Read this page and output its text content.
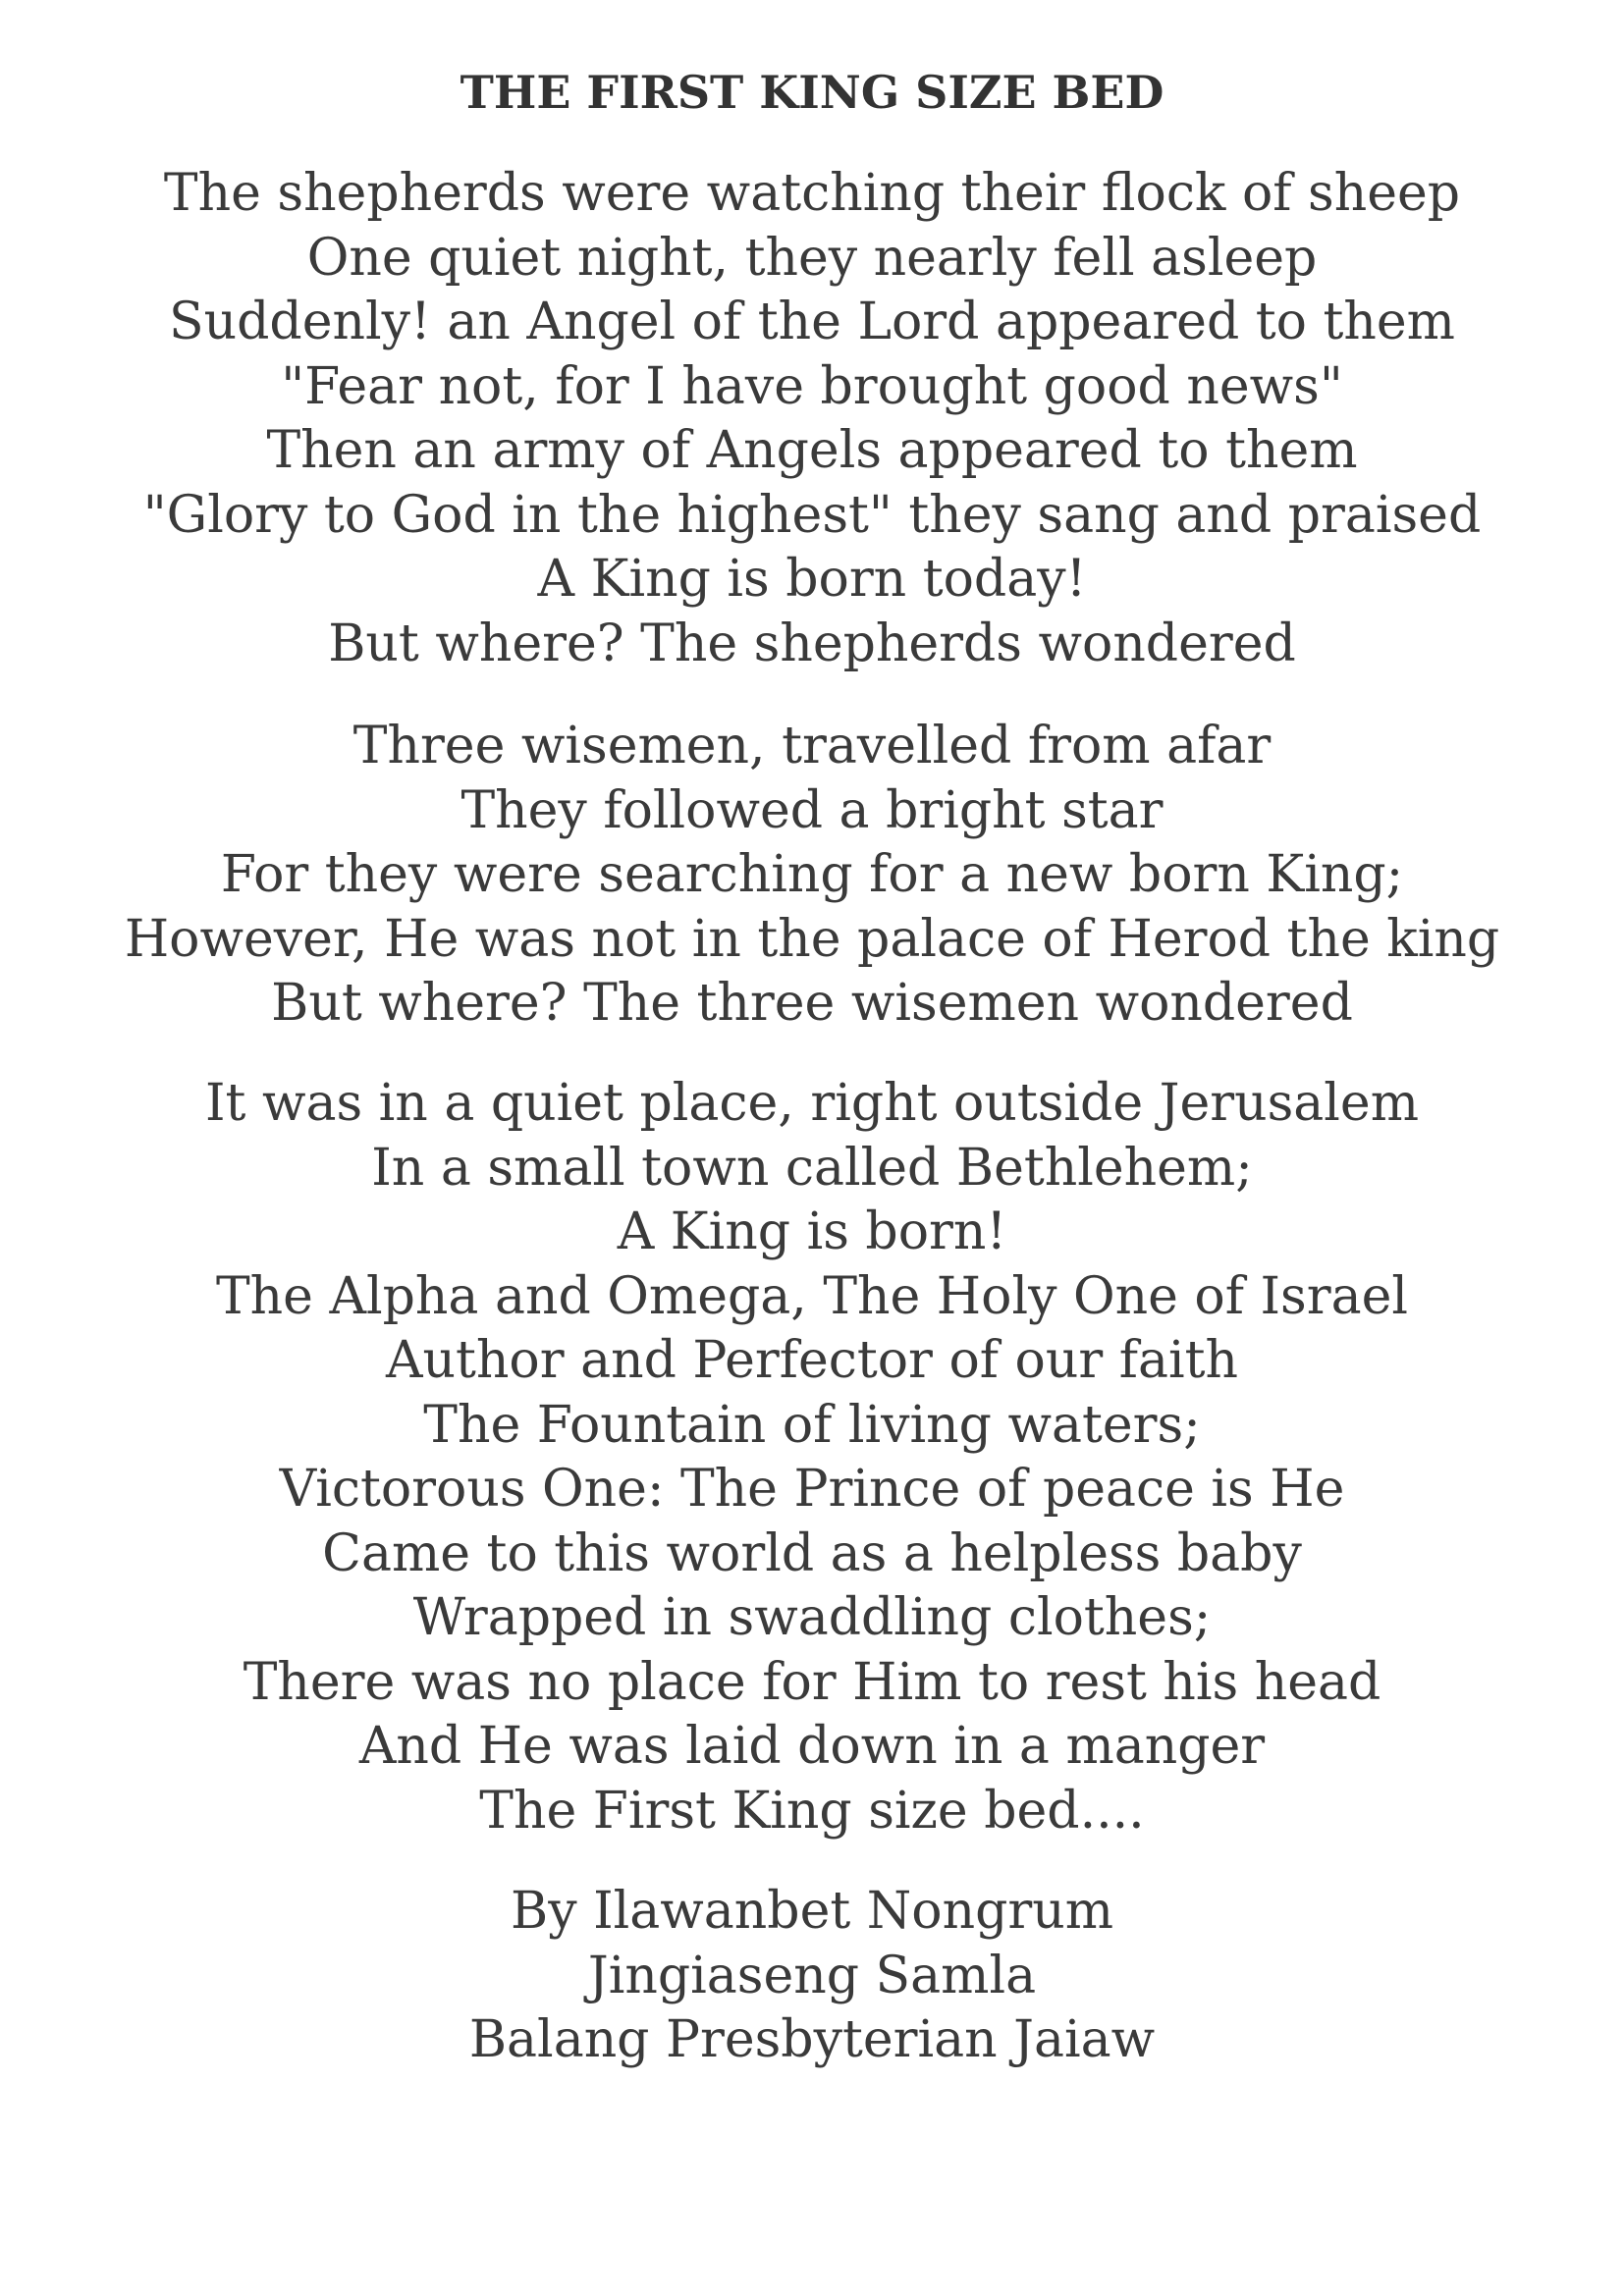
THE FIRST KING SIZE BED
The shepherds were watching their flock of sheep
One quiet night, they nearly fell asleep
Suddenly! an Angel of the Lord appeared to them
"Fear not, for I have brought good news"
Then an army of Angels appeared to them
"Glory to God in the highest" they sang and praised
A King is born today!
But where? The shepherds wondered
Three wisemen, travelled from afar
They followed a bright star
For they were searching for a new born King;
However, He was not in the palace of Herod the king
But where? The three wisemen wondered
It was in a quiet place, right outside Jerusalem
In a small town called Bethlehem;
A King is born!
The Alpha and Omega, The Holy One of Israel
Author and Perfector of our faith
The Fountain of living waters;
Victorous One: The Prince of peace is He
Came to this world as a helpless baby
Wrapped in swaddling clothes;
There was no place for Him to rest his head
And He was laid down in a manger
The First King size bed....
By Ilawanbet Nongrum
Jingiaseng Samla
Balang Presbyterian Jaiaw
